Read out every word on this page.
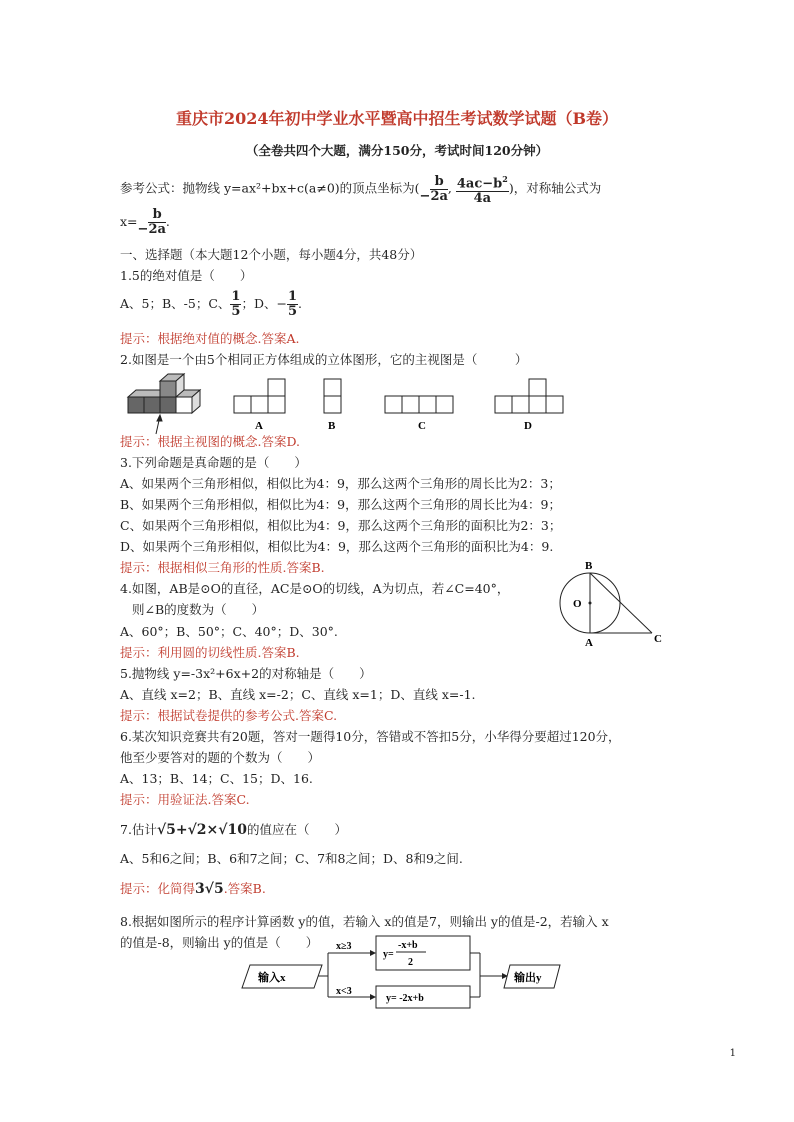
重庆市2024年初中学业水平暨高中招生考试数学试题（B卷）
（全卷共四个大题，满分150分，考试时间120分钟）
参考公式：抛物线 y=ax²+bx+c(a≠0)的顶点坐标为(− $\frac{b}{2a}$ , $\frac{4ac-b^2}{4a}$ )，对称轴公式为
$x=- \frac{b}{2a}$ .
一、选择题（本大题12个小题，每小题4分，共48分）
1.5的绝对值是（　　）
A、5；B、-5；C、 $\frac{1}{5}$ ；D、− $\frac{1}{5}$ .
提示：根据绝对值的概念.答案A.
2.如图是一个由5个相同正方体组成的立体图形，它的主视图是（　　　）
A	B	C	D
提示：根据主视图的概念.答案D.
3.下列命题是真命题的是（　　）
A、如果两个三角形相似，相似比为4：9，那么这两个三角形的周长比为2：3；
B、如果两个三角形相似，相似比为4：9，那么这两个三角形的周长比为4：9；
C、如果两个三角形相似，相似比为4：9，那么这两个三角形的面积比为2：3；
D、如果两个三角形相似，相似比为4：9，那么这两个三角形的面积比为4：9.
提示：根据相似三角形的性质.答案B.
4.如图，AB是⊙O的直径，AC是⊙O的切线，A为切点，若∠C=40°，
则∠B的度数为（　　）
A、60°；B、50°；C、40°；D、30°.
提示：利用圆的切线性质.答案B.
B
O
A	C
5.抛物线 y=-3x²+6x+2的对称轴是（　　）
A、直线 x=2；B、直线 x=-2；C、直线 x=1；D、直线 x=-1.
提示：根据试卷提供的参考公式.答案C.
6.某次知识竞赛共有20题，答对一题得10分，答错或不答扣5分，小华得分要超过120分，
他至少要答对的题的个数为（　　）
A、13；B、14；C、15；D、16.
提示：用验证法.答案C.
7.估计√5+√2×√10的值应在（　　）
A、5和6之间；B、6和7之间；C、7和8之间；D、8和9之间.
提示：化简得3√5.答案B.
8.根据如图所示的程序计算函数 y的值，若输入 x的值是7，则输出 y的值是-2，若输入 x
的值是-8，则输出 y的值是（　　）
输入x
x≥3
x<3
y=
-x+b
2
y= -2x+b
输出y
1
